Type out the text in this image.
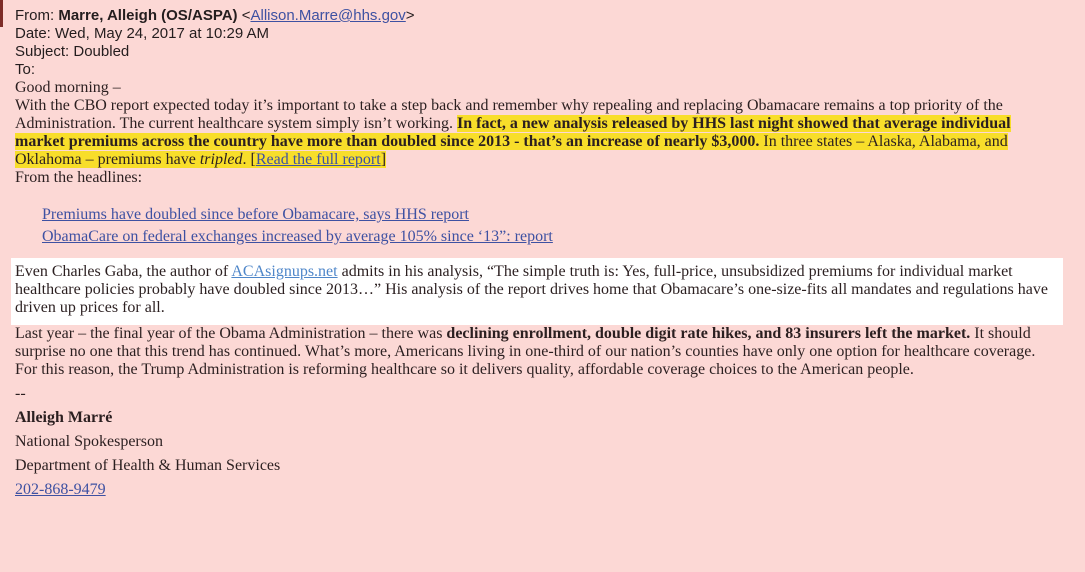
From: Marre, Alleigh (OS/ASPA) <Allison.Marre@hhs.gov>

Date: Wed, May 24, 2017 at 10:29 AM

Subject: Doubled

To:

Good morning –

With the CBO report expected today it’s important to take a step back and remember why repealing and replacing Obamacare remains a top priority of the Administration. The current healthcare system simply isn’t working. In fact, a new analysis released by HHS last night showed that average individual market premiums across the country have more than doubled since 2013 - that’s an increase of nearly $3,000. In three states – Alaska, Alabama, and Oklahoma – premiums have tripled. [Read the full report]

From the headlines:

Premiums have doubled since before Obamacare, says HHS report
ObamaCare on federal exchanges increased by average 105% since ‘13”: report

Even Charles Gaba, the author of ACAsignups.net admits in his analysis, “The simple truth is: Yes, full-price, unsubsidized premiums for individual market healthcare policies probably have doubled since 2013…” His analysis of the report drives home that Obamacare’s one-size-fits all mandates and regulations have driven up prices for all.

Last year – the final year of the Obama Administration – there was declining enrollment, double digit rate hikes, and 83 insurers left the market. It should surprise no one that this trend has continued. What’s more, Americans living in one-third of our nation’s counties have only one option for healthcare coverage.

For this reason, the Trump Administration is reforming healthcare so it delivers quality, affordable coverage choices to the American people.

--

Alleigh Marré

National Spokesperson

Department of Health & Human Services

202-868-9479
